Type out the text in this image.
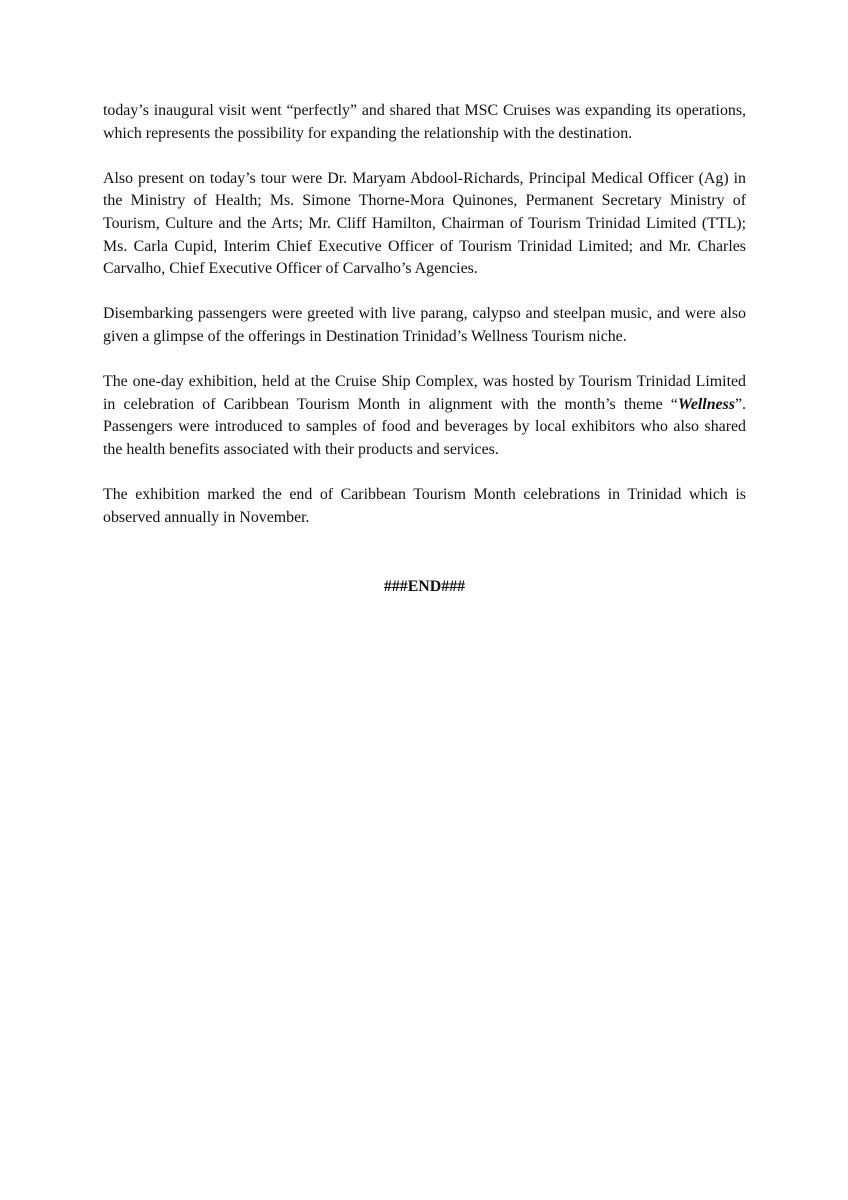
today’s inaugural visit went “perfectly” and shared that MSC Cruises was expanding its operations, which represents the possibility for expanding the relationship with the destination.

Also present on today’s tour were Dr. Maryam Abdool-Richards, Principal Medical Officer (Ag) in the Ministry of Health; Ms. Simone Thorne-Mora Quinones, Permanent Secretary Ministry of Tourism, Culture and the Arts; Mr. Cliff Hamilton, Chairman of Tourism Trinidad Limited (TTL); Ms. Carla Cupid, Interim Chief Executive Officer of Tourism Trinidad Limited; and Mr. Charles Carvalho, Chief Executive Officer of Carvalho’s Agencies.

Disembarking passengers were greeted with live parang, calypso and steelpan music, and were also given a glimpse of the offerings in Destination Trinidad’s Wellness Tourism niche.

The one-day exhibition, held at the Cruise Ship Complex, was hosted by Tourism Trinidad Limited in celebration of Caribbean Tourism Month in alignment with the month’s theme “Wellness”. Passengers were introduced to samples of food and beverages by local exhibitors who also shared the health benefits associated with their products and services.

The exhibition marked the end of Caribbean Tourism Month celebrations in Trinidad which is observed annually in November.

###END###
